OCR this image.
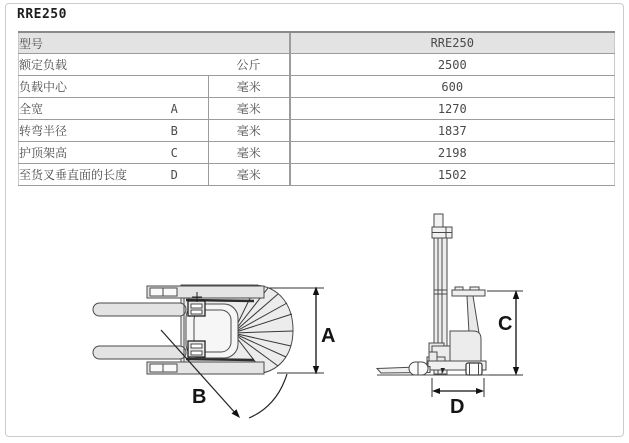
RRE250
型号			RRE250
额定负载		公斤	2500
负载中心		毫米	600
全宽	A	毫米	1270
转弯半径	B	毫米	1837
护顶架高	C	毫米	2198
至货叉垂直面的长度	D	毫米	1502
A
B
C
D
